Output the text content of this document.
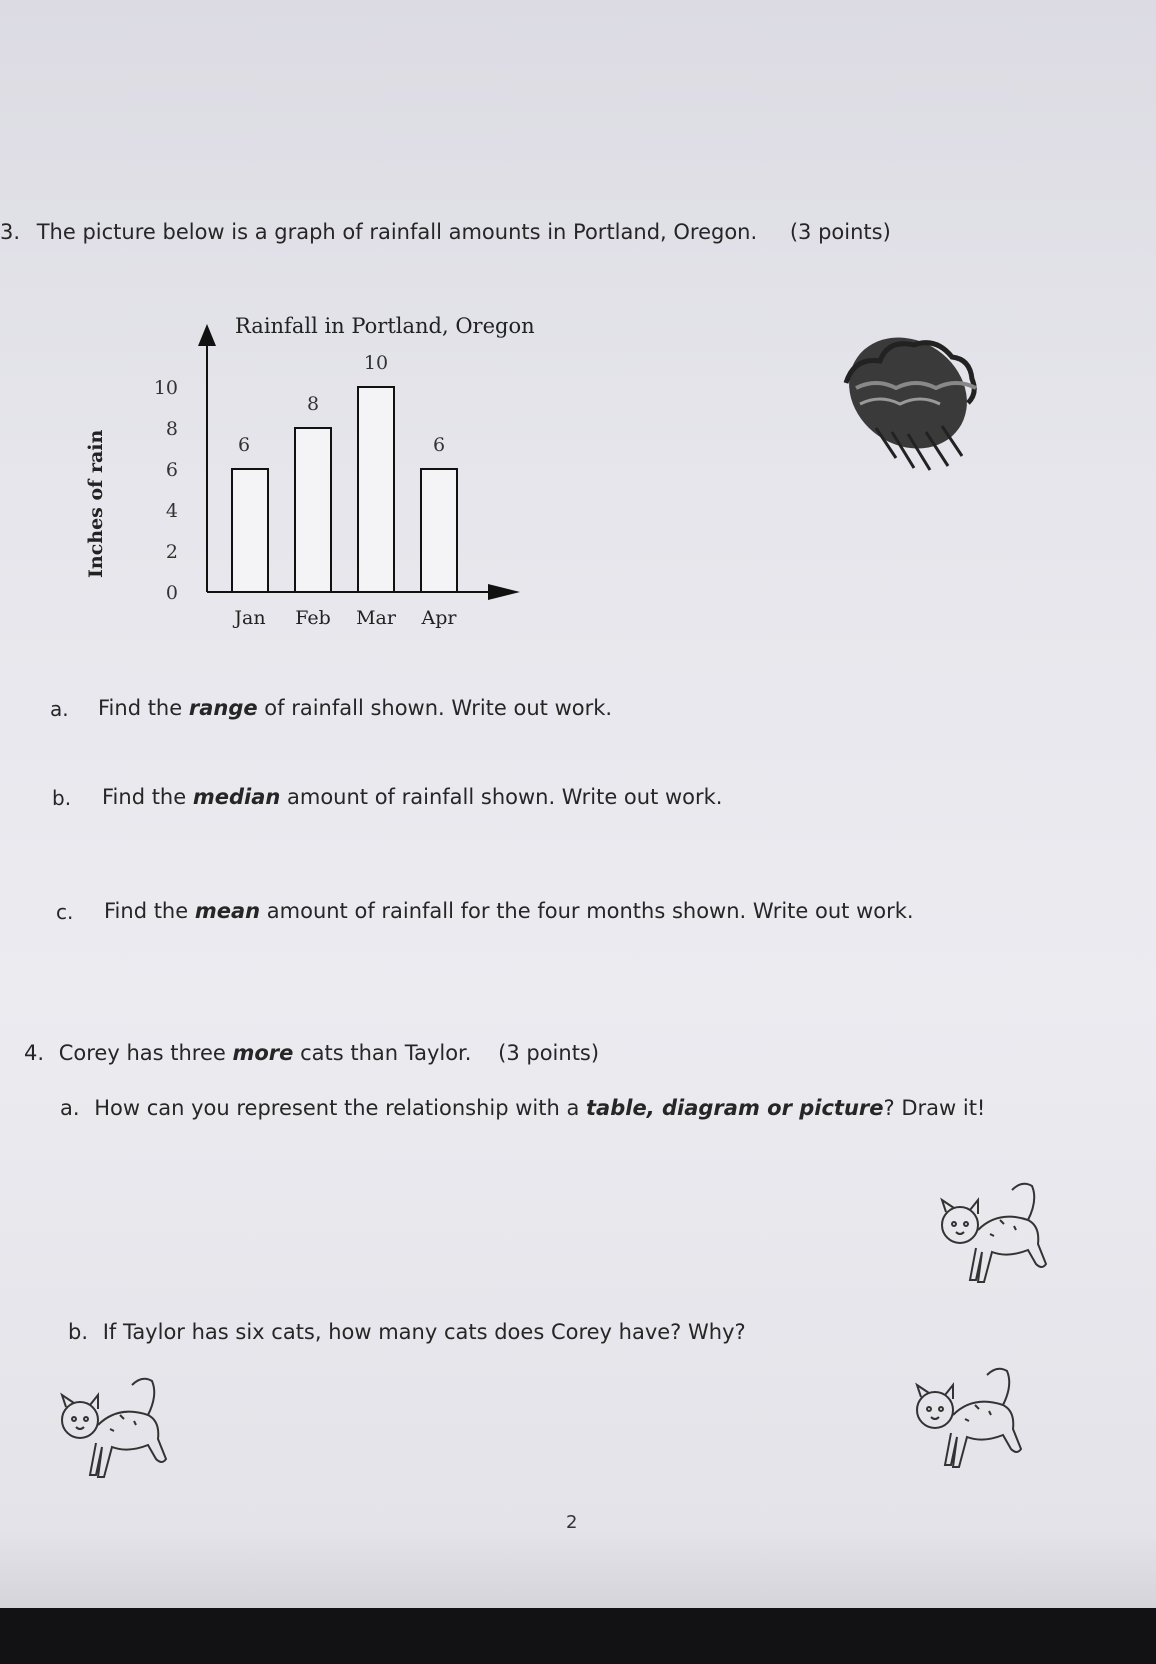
3. The picture below is a graph of rainfall amounts in Portland, Oregon. (3 points)
Rainfall in Portland, Oregon
Inches of rain
0
2
4
6
8
10
6
Jan
8
Feb
10
Mar
6
Apr
a. Find the range of rainfall shown. Write out work.
b. Find the median amount of rainfall shown. Write out work.
c. Find the mean amount of rainfall for the four months shown. Write out work.
4. Corey has three more cats than Taylor. (3 points)
a. How can you represent the relationship with a table, diagram or picture? Draw it!
b. If Taylor has six cats, how many cats does Corey have? Why?
2
